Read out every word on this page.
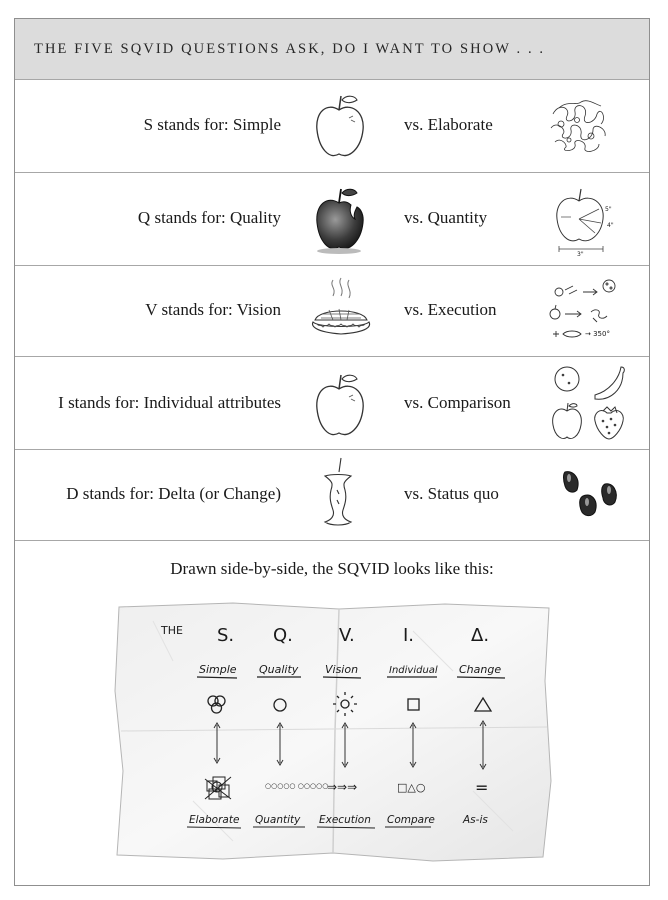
THE FIVE SQVID QUESTIONS ASK, DO I WANT TO SHOW . . .
S stands for: Simple	vs. Elaborate
Q stands for: Quality	vs. Quantity	5"
4"
3"
V stands for: Vision	vs. Execution
→ 350°
I stands for: Individual attributes	vs. Comparison
D stands for: Delta (or Change)	vs. Status quo
Drawn side-by-side, the SQVID looks like this:
THE S. Q.	V.	I.	Δ.
Simple Quality Vision	Individual Change
○○○○○ ○○○○○
⇒⇒⇒	□△○	=
Elaborate Quantity Execution Compare	As-is
